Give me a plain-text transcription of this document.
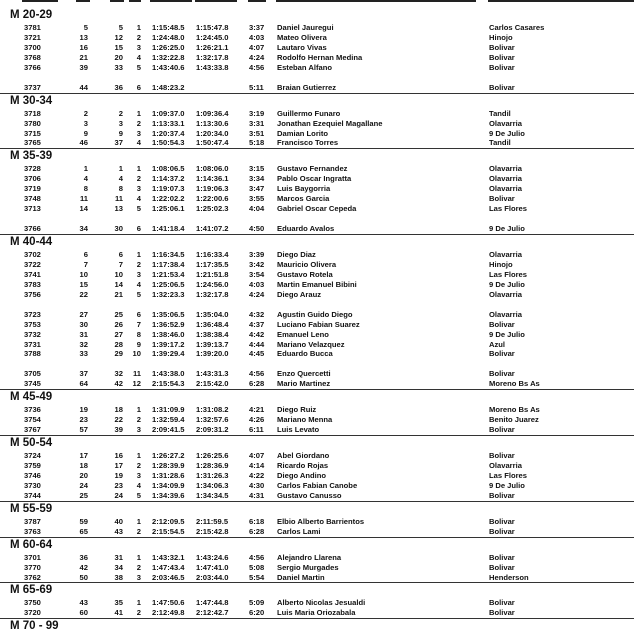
M 20-29
3781	5	5	1 1:15:48.5 1:15:47.8	3:37 Daniel Jauregui	Carlos Casares
3721	13	12	2 1:24:48.0 1:24:45.0	4:03 Mateo Olivera	Hinojo
3700	16	15	3 1:26:25.0 1:26:21.1	4:07 Lautaro Vivas	Bolivar
3768	21	20	4 1:32:22.8 1:32:17.8	4:24 Rodolfo Hernan Medina	Bolivar
3766	39	33	5 1:43:40.6 1:43:33.8	4:56 Esteban Alfano	Bolivar
3737	44	36	6 1:48:23.2	5:11 Braian Gutierrez	Bolivar
M 30-34
3718	2	2	1 1:09:37.0 1:09:36.4	3:19 Guillermo Funaro	Tandil
3780	3	3	2 1:13:33.1 1:13:30.6	3:31 Jonathan Ezequiel Magallane	Olavarria
3715	9	9	3 1:20:37.4 1:20:34.0	3:51 Damian Lorito	9 De Julio
3765	46	37	4 1:50:54.3 1:50:47.4	5:18 Francisco Torres	Tandil
M 35-39
3728	1	1	1 1:08:06.5 1:08:06.0	3:15 Gustavo Fernandez	Olavarria
3706	4	4	2 1:14:37.2 1:14:36.1	3:34 Pablo Oscar Ingratta	Olavarria
3719	8	8	3 1:19:07.3 1:19:06.3	3:47 Luis Baygorria	Olavarria
3748	11	11	4 1:22:02.2 1:22:00.6	3:55 Marcos Garcia	Bolivar
3713	14	13	5 1:25:06.1 1:25:02.3	4:04 Gabriel Oscar Cepeda	Las Flores
3766	34	30	6 1:41:18.4 1:41:07.2	4:50 Eduardo Avalos	9 De Julio
M 40-44
3702	6	6	1 1:16:34.5 1:16:33.4	3:39 Diego Diaz	Olavarria
3722	7	7	2 1:17:38.4 1:17:35.5	3:42 Mauricio Olivera	Hinojo
3741	10	10	3 1:21:53.4 1:21:51.8	3:54 Gustavo Rotela	Las Flores
3783	15	14	4 1:25:06.5 1:24:56.0	4:03 Martin Emanuel Bibini	9 De Julio
3756	22	21	5 1:32:23.3 1:32:17.8	4:24 Diego Arauz	Olavarria
3723	27	25	6 1:35:06.5 1:35:04.0	4:32 Agustin Guido Diego	Olavarria
3753	30	26	7 1:36:52.9 1:36:48.4	4:37 Luciano Fabian Suarez	Bolivar
3732	31	27	8 1:38:46.0 1:38:38.4	4:42 Emanuel Leno	9 De Julio
3731	32	28	9 1:39:17.2 1:39:13.7	4:44 Mariano Velazquez	Azul
3788	33	29 10 1:39:29.4 1:39:20.0	4:45 Eduardo Bucca	Bolivar
3705	37	32 11 1:43:38.0 1:43:31.3	4:56 Enzo Quercetti	Bolivar
3745	64	42 12 2:15:54.3 2:15:42.0	6:28 Mario Martinez	Moreno Bs As
M 45-49
3736	19	18	1 1:31:09.9 1:31:08.2	4:21 Diego Ruiz	Moreno Bs As
3754	23	22	2 1:32:59.4 1:32:57.6	4:26 Mariano Menna	Benito Juarez
3767	57	39	3 2:09:41.5 2:09:31.2	6:11 Luis Levato	Bolivar
M 50-54
3724	17	16	1 1:26:27.2 1:26:25.6	4:07 Abel Giordano	Bolivar
3759	18	17	2 1:28:39.9 1:28:36.9	4:14 Ricardo Rojas	Olavarria
3746	20	19	3 1:31:28.6 1:31:26.3	4:22 Diego Andino	Las Flores
3730	24	23	4 1:34:09.9 1:34:06.3	4:30 Carlos Fabian Canobe	9 De Julio
3744	25	24	5 1:34:39.6 1:34:34.5	4:31 Gustavo Canusso	Bolivar
M 55-59
3787	59	40	1 2:12:09.5 2:11:59.5	6:18 Elbio Alberto Barrientos	Bolivar
3763	65	43	2 2:15:54.5 2:15:42.8	6:28 Carlos Lami	Bolivar
M 60-64
3701	36	31	1 1:43:32.1 1:43:24.6	4:56 Alejandro Llarena	Bolivar
3770	42	34	2 1:47:43.4 1:47:41.0	5:08 Sergio Murgades	Bolivar
3762	50	38	3 2:03:46.5 2:03:44.0	5:54 Daniel Martin	Henderson
M 65-69
3750	43	35	1 1:47:50.6 1:47:44.8	5:09 Alberto Nicolas Jesualdi	Bolivar
3720	60	41	2 2:12:49.8 2:12:42.7	6:20 Luis Maria Oriozabala	Bolivar
M 70 - 99
